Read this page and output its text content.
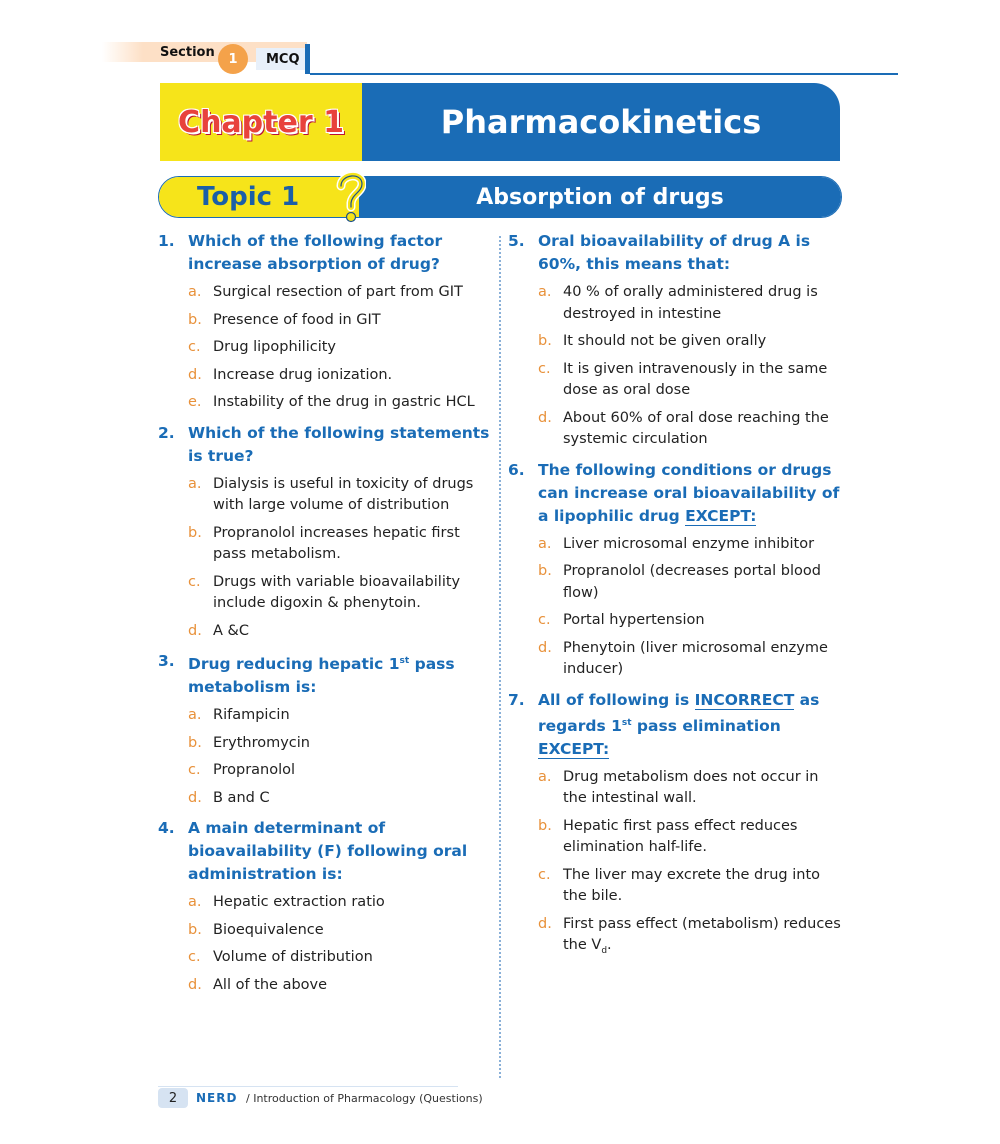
Section	1	MCQ
Chapter 1	Pharmacokinetics
Topic 1	Absorption of drugs
1. Which of the following factor increase absorption of drug?
a. Surgical resection of part from GIT
b. Presence of food in GIT
c. Drug lipophilicity
d. Increase drug ionization.
e. Instability of the drug in gastric HCL
2. Which of the following statements is true?
a. Dialysis is useful in toxicity of drugs with large volume of distribution
b. Propranolol increases hepatic first pass metabolism.
c. Drugs with variable bioavailability include digoxin & phenytoin.
d. A &C
3. Drug reducing hepatic 1st pass metabolism is:
a. Rifampicin
b. Erythromycin
c. Propranolol
d. B and C
4. A main determinant of bioavailability (F) following oral administration is:
a. Hepatic extraction ratio
b. Bioequivalence
c. Volume of distribution
d. All of the above
5. Oral bioavailability of drug A is 60%, this means that:
a. 40 % of orally administered drug is destroyed in intestine
b. It should not be given orally
c. It is given intravenously in the same dose as oral dose
d. About 60% of oral dose reaching the systemic circulation
6. The following conditions or drugs can increase oral bioavailability of a lipophilic drug EXCEPT:
a. Liver microsomal enzyme inhibitor
b. Propranolol (decreases portal blood flow)
c. Portal hypertension
d. Phenytoin (liver microsomal enzyme inducer)
7. All of following is INCORRECT as regards 1st pass elimination EXCEPT:
a. Drug metabolism does not occur in the intestinal wall.
b. Hepatic first pass effect reduces elimination half-life.
c. The liver may excrete the drug into the bile.
d. First pass effect (metabolism) reduces the $V_d$.
2	NERD / Introduction of Pharmacology (Questions)
